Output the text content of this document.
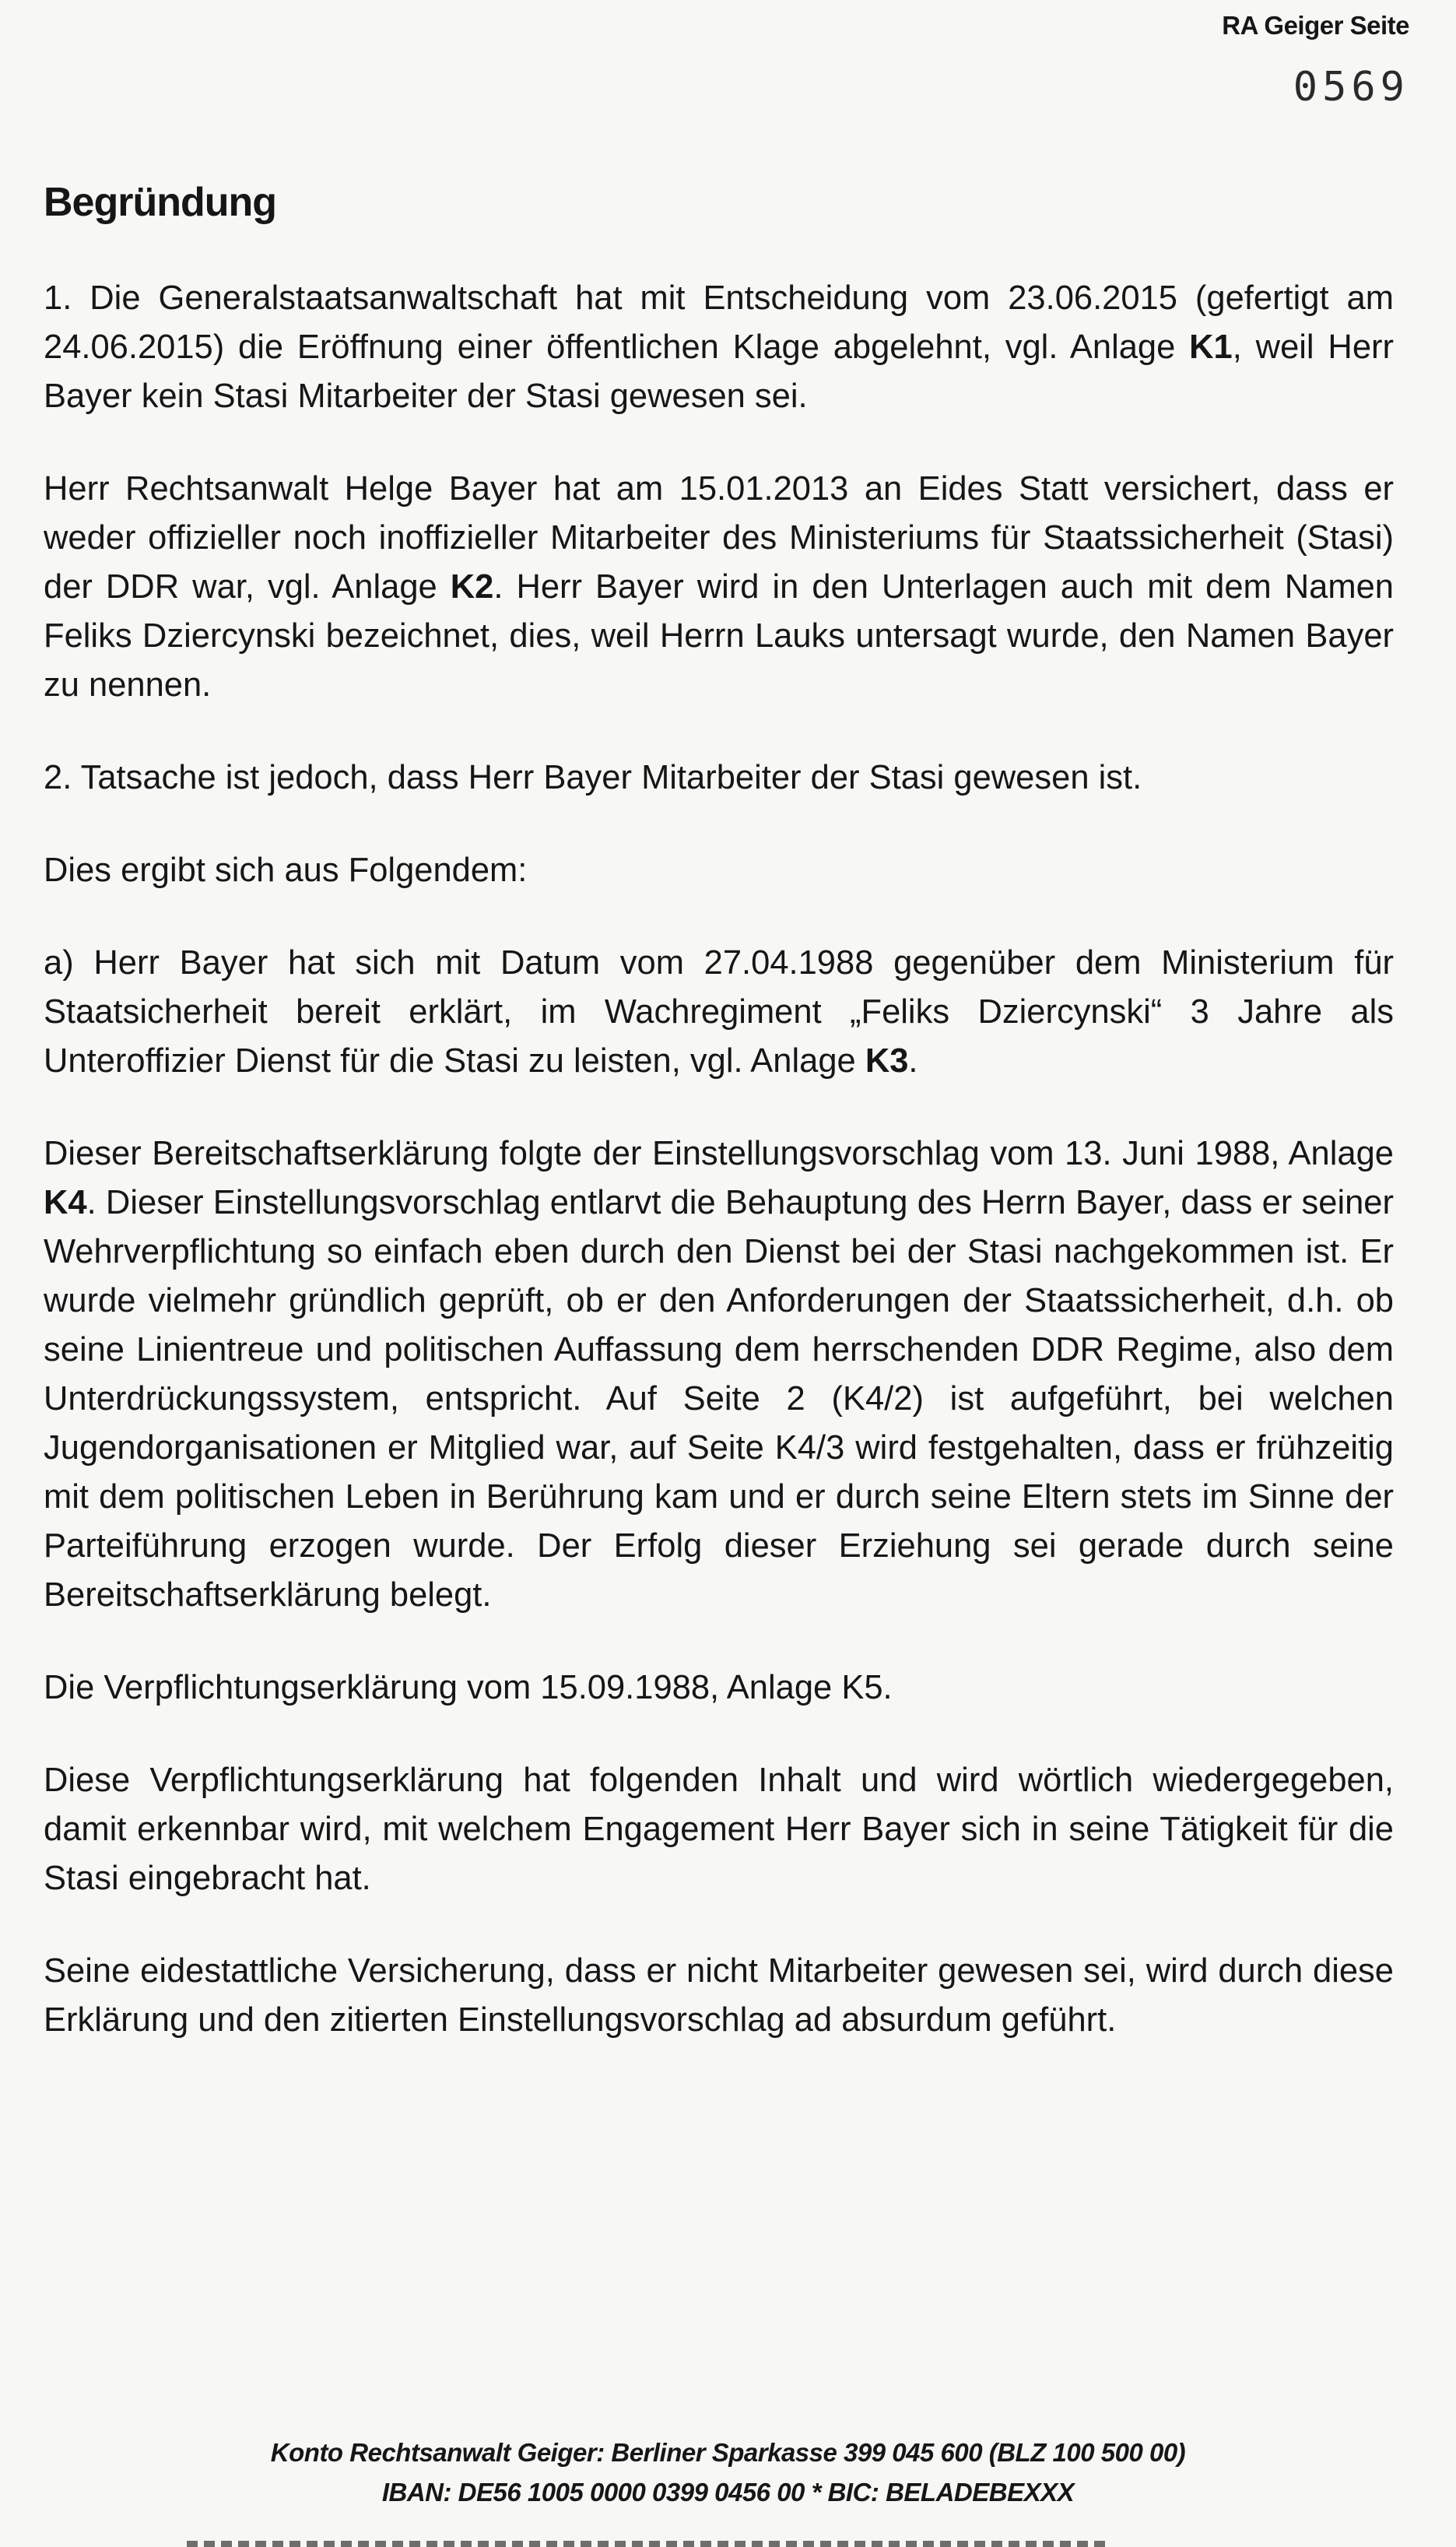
RA Geiger Seite
0569
Begründung

1. Die Generalstaatsanwaltschaft hat mit Entscheidung vom 23.06.2015 (gefertigt am 24.06.2015) die Eröffnung einer öffentlichen Klage abgelehnt, vgl. Anlage K1, weil Herr Bayer kein Stasi Mitarbeiter der Stasi gewesen sei.

Herr Rechtsanwalt Helge Bayer hat am 15.01.2013 an Eides Statt versichert, dass er weder offizieller noch inoffizieller Mitarbeiter des Ministeriums für Staatssicherheit (Stasi) der DDR war, vgl. Anlage K2. Herr Bayer wird in den Unterlagen auch mit dem Namen Feliks Dziercynski bezeichnet, dies, weil Herrn Lauks untersagt wurde, den Namen Bayer zu nennen.

2. Tatsache ist jedoch, dass Herr Bayer Mitarbeiter der Stasi gewesen ist.

Dies ergibt sich aus Folgendem:

a) Herr Bayer hat sich mit Datum vom 27.04.1988 gegenüber dem Ministerium für Staatsicherheit bereit erklärt, im Wachregiment „Feliks Dziercynski“ 3 Jahre als Unteroffizier Dienst für die Stasi zu leisten, vgl. Anlage K3.

Dieser Bereitschaftserklärung folgte der Einstellungsvorschlag vom 13. Juni 1988, Anlage K4. Dieser Einstellungsvorschlag entlarvt die Behauptung des Herrn Bayer, dass er seiner Wehrverpflichtung so einfach eben durch den Dienst bei der Stasi nachgekommen ist. Er wurde vielmehr gründlich geprüft, ob er den Anforderungen der Staatssicherheit, d.h. ob seine Linientreue und politischen Auffassung dem herrschenden DDR Regime, also dem Unterdrückungssystem, entspricht. Auf Seite 2 (K4/2) ist aufgeführt, bei welchen Jugendorganisationen er Mitglied war, auf Seite K4/3 wird festgehalten, dass er frühzeitig mit dem politischen Leben in Berührung kam und er durch seine Eltern stets im Sinne der Parteiführung erzogen wurde. Der Erfolg dieser Erziehung sei gerade durch seine Bereitschaftserklärung belegt.

Die Verpflichtungserklärung vom 15.09.1988, Anlage K5.

Diese Verpflichtungserklärung hat folgenden Inhalt und wird wörtlich wiedergegeben, damit erkennbar wird, mit welchem Engagement Herr Bayer sich in seine Tätigkeit für die Stasi eingebracht hat.

Seine eidestattliche Versicherung, dass er nicht Mitarbeiter gewesen sei, wird durch diese Erklärung und den zitierten Einstellungsvorschlag ad absurdum geführt.

Konto Rechtsanwalt Geiger: Berliner Sparkasse 399 045 600 (BLZ 100 500 00)
IBAN: DE56 1005 0000 0399 0456 00 * BIC: BELADEBEXXX
